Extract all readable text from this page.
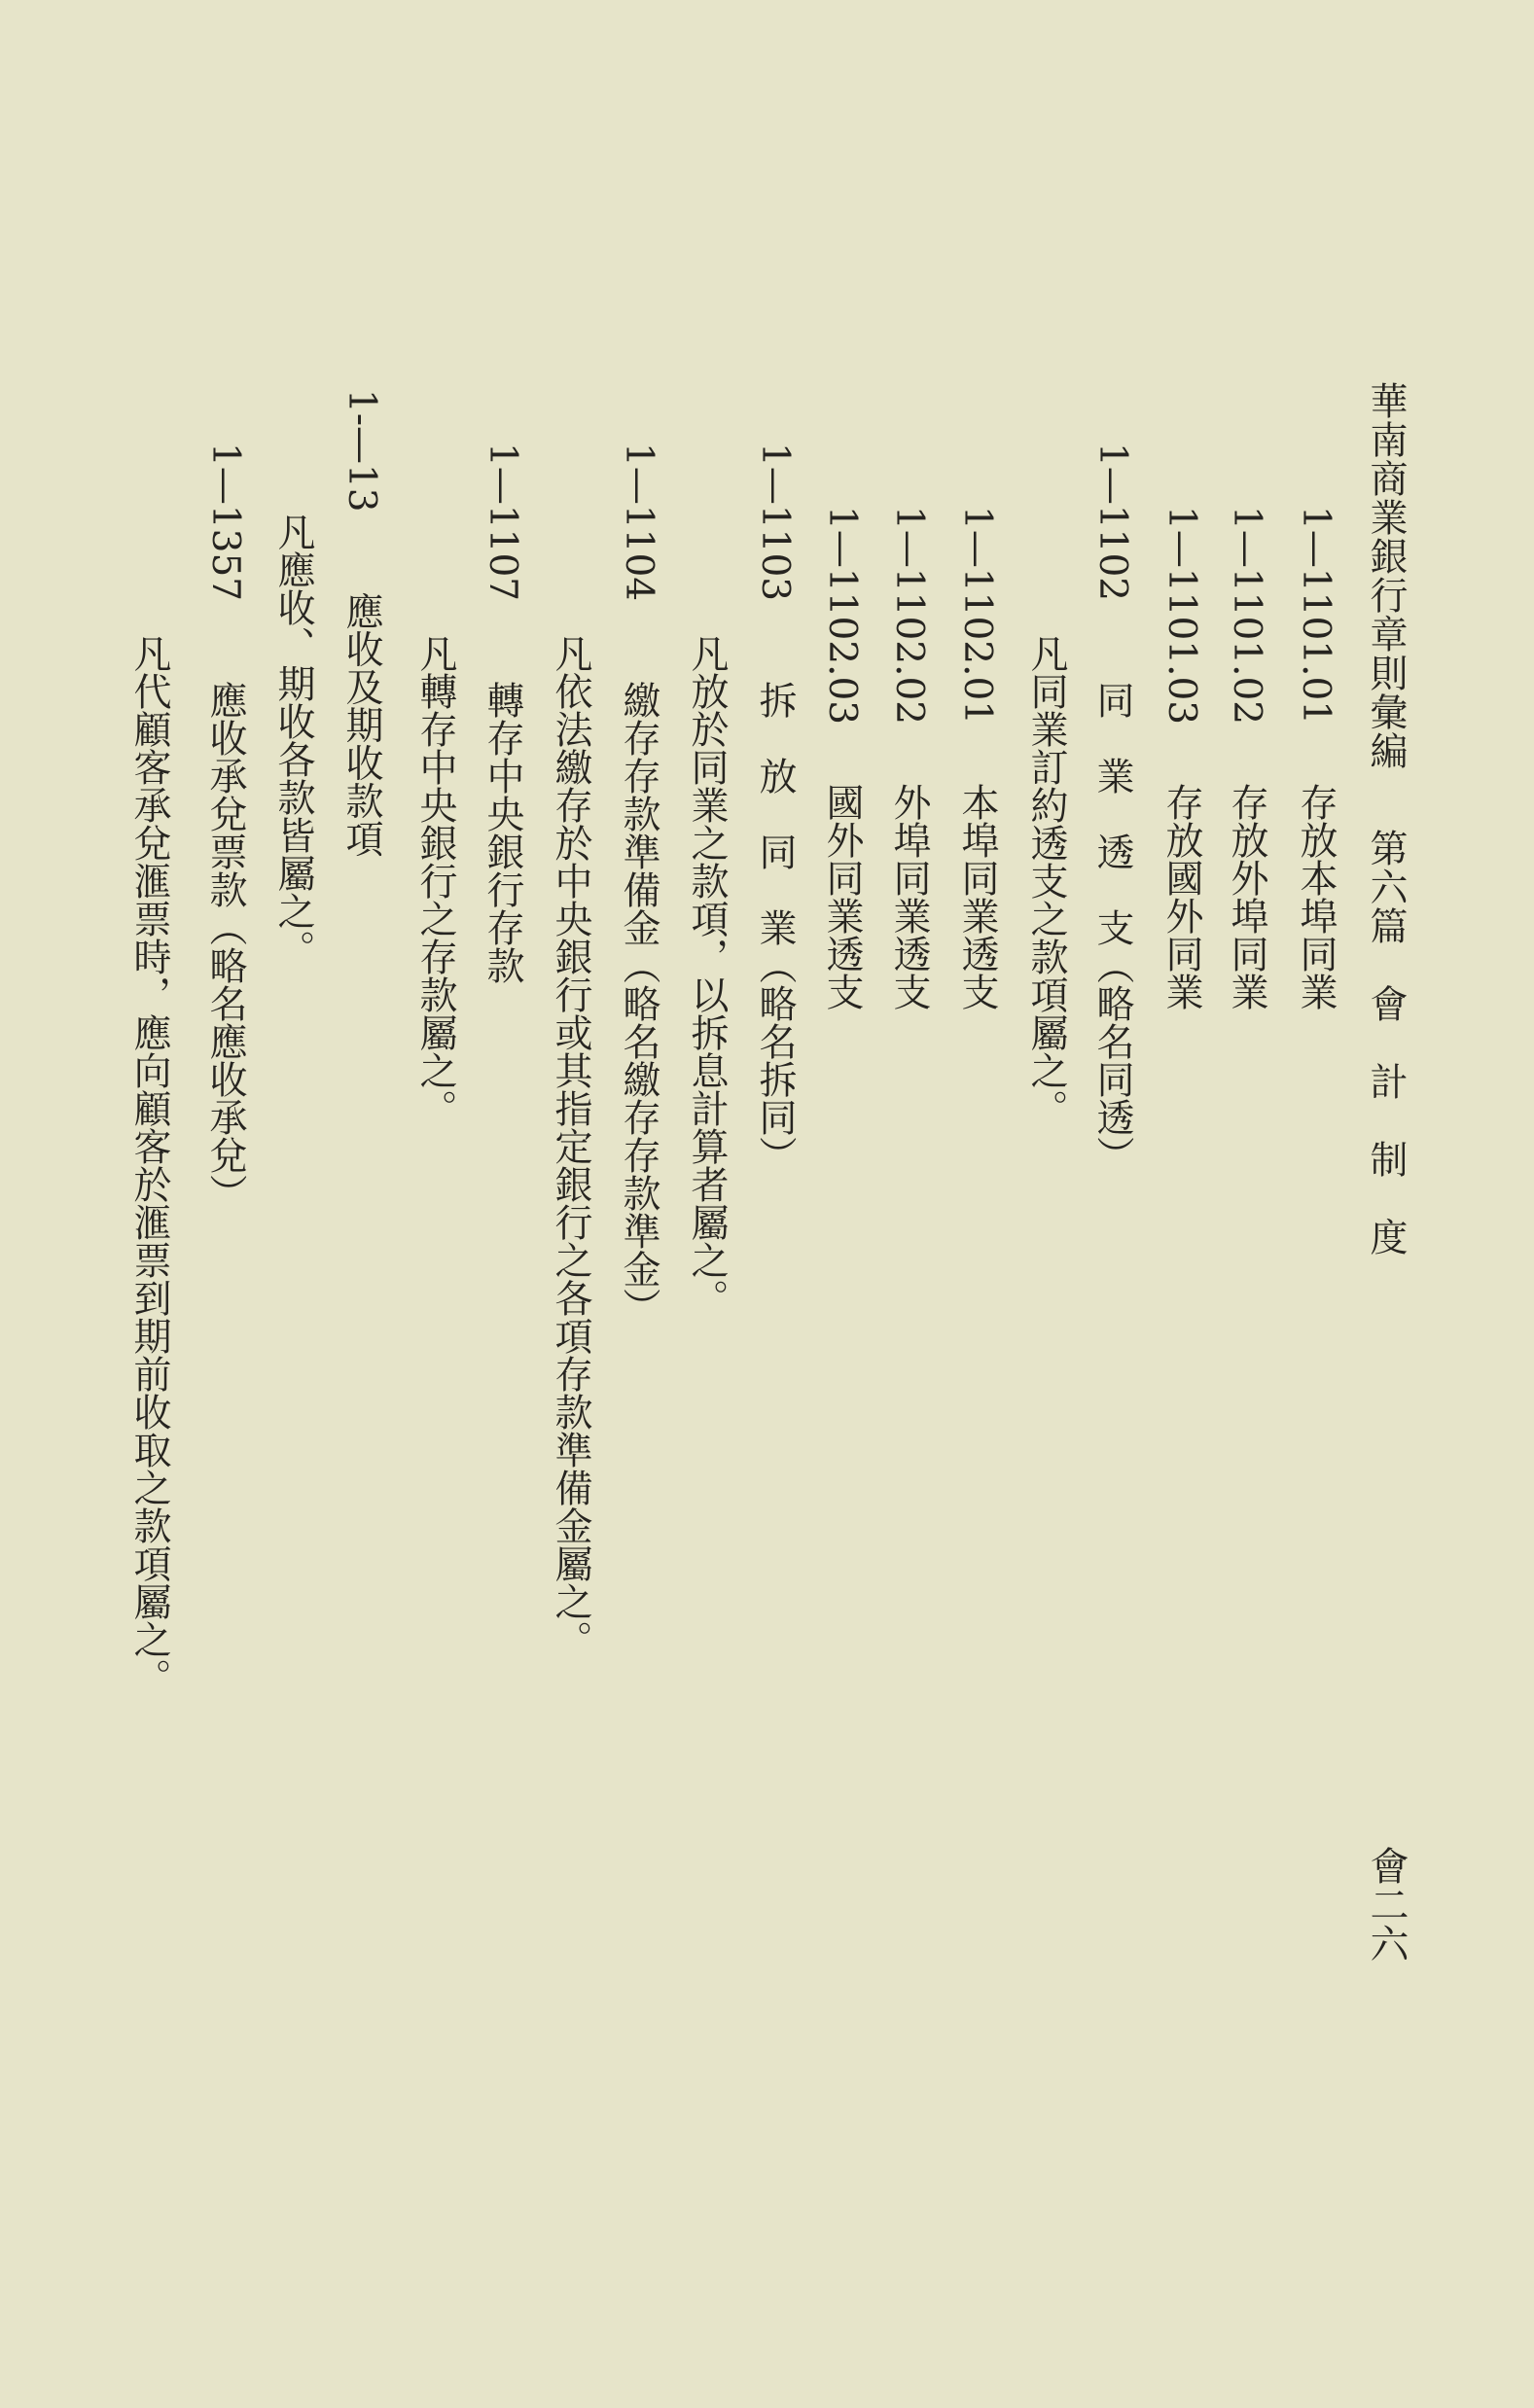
華南商業銀行章則彙編第六篇　會　計　制　度
會二六
1—1101.01存放本埠同業
1—1101.02存放外埠同業
1—1101.03存放國外同業
1—1102同　業　透　支（略名同透）
凡同業訂約透支之款項屬之。
1—1102.01本埠同業透支
1—1102.02外埠同業透支
1—1102.03國外同業透支
1—1103拆　放　同　業（略名拆同）
凡放於同業之款項，以拆息計算者屬之。
1—1104繳存存款準備金（略名繳存存款準金）
凡依法繳存於中央銀行或其指定銀行之各項存款準備金屬之。
1—1107轉存中央銀行存款
凡轉存中央銀行之存款屬之。
1-—13應收及期收款項
凡應收、期收各款皆屬之。
1—1357應收承兌票款（略名應收承兌）
凡代顧客承兌滙票時，應向顧客於滙票到期前收取之款項屬之。
